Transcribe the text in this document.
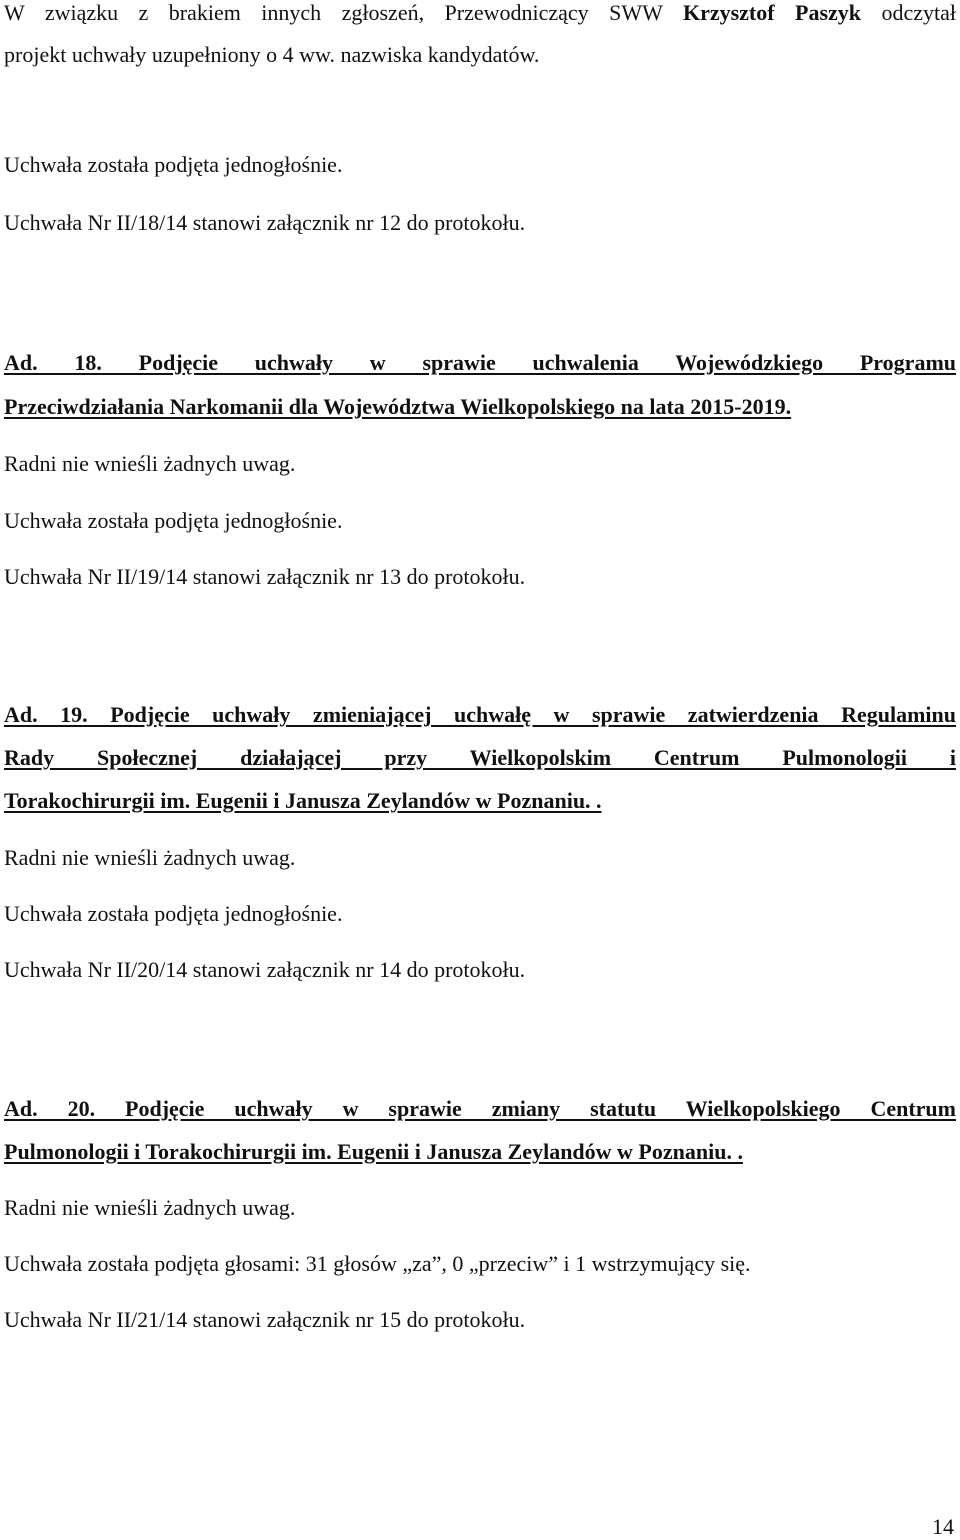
W związku z brakiem innych zgłoszeń, Przewodniczący SWW Krzysztof Paszyk odczytał
projekt uchwały uzupełniony o 4 ww. nazwiska kandydatów.
Uchwała została podjęta jednogłośnie.
Uchwała Nr II/18/14 stanowi załącznik nr 12 do protokołu.
Ad. 18. Podjęcie uchwały w sprawie uchwalenia Wojewódzkiego Programu
Przeciwdziałania Narkomanii dla Województwa Wielkopolskiego na lata 2015-2019.
Radni nie wnieśli żadnych uwag.
Uchwała została podjęta jednogłośnie.
Uchwała Nr II/19/14 stanowi załącznik nr 13 do protokołu.
Ad. 19. Podjęcie uchwały zmieniającej uchwałę w sprawie zatwierdzenia Regulaminu
Rady Społecznej działającej przy Wielkopolskim Centrum Pulmonologii i
Torakochirurgii im. Eugenii i Janusza Zeylandów w Poznaniu. .
Radni nie wnieśli żadnych uwag.
Uchwała została podjęta jednogłośnie.
Uchwała Nr II/20/14 stanowi załącznik nr 14 do protokołu.
Ad. 20. Podjęcie uchwały w sprawie zmiany statutu Wielkopolskiego Centrum
Pulmonologii i Torakochirurgii im. Eugenii i Janusza Zeylandów w Poznaniu. .
Radni nie wnieśli żadnych uwag.
Uchwała została podjęta głosami: 31 głosów „za”, 0 „przeciw” i 1 wstrzymujący się.
Uchwała Nr II/21/14 stanowi załącznik nr 15 do protokołu.
14
